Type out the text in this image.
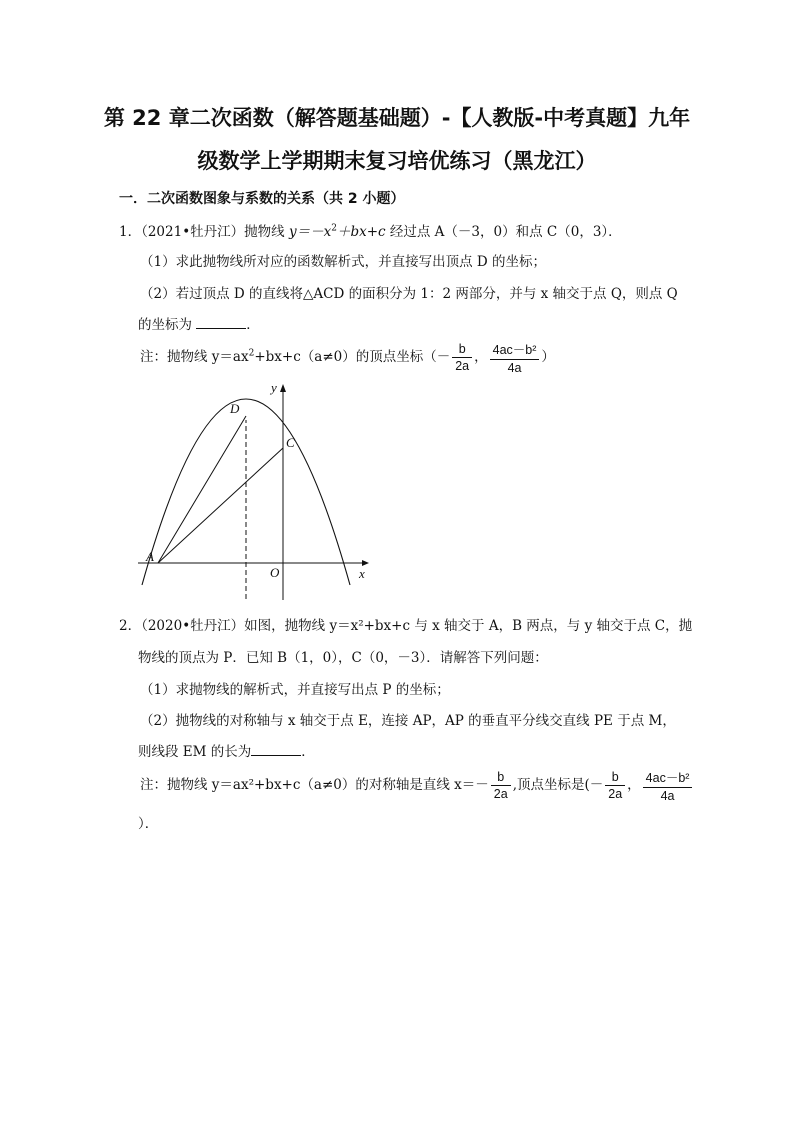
第 22 章二次函数（解答题基础题）-【人教版-中考真题】九年
级数学上学期期末复习培优练习（黑龙江）
一．二次函数图象与系数的关系（共 2 小题）
1．（2021•牡丹江）抛物线 $y=-x^2+bx+c$ 经过点 A（－3，0）和点 C（0，3）．
（1）求此抛物线所对应的函数解析式，并直接写出顶点 D 的坐标；
（2）若过顶点 D 的直线将△ACD 的面积分为 1：2 两部分，并与 x 轴交于点 Q，则点 Q
的坐标为	．
注：抛物线 $y=ax^2+bx+c(a\ne 0)$的顶点坐标（－ $\frac{b}{2a}$ ， $\frac{\text{4ac－b²}}{4a}$ ）
D
C
A
O	x
y
2．（2020•牡丹江）如图，抛物线 y＝x²+bx+c 与 x 轴交于 A，B 两点，与 y 轴交于点 C，抛
物线的顶点为 P．已知 B（1，0），C（0，－3）．请解答下列问题：
（1）求抛物线的解析式，并直接写出点 P 的坐标；
（2）抛物线的对称轴与 x 轴交于点 E，连接 AP，AP 的垂直平分线交直线 PE 于点 M，
则线段 EM 的长为	．
注：抛物线 y＝ax²+bx+c（a≠0）的对称轴是直线 $x=- \frac{b}{2a}$ ,顶点坐标是(－ $\frac{b}{2a}$ ， $\frac{\text{4ac－b²}}{4a}$
）．
